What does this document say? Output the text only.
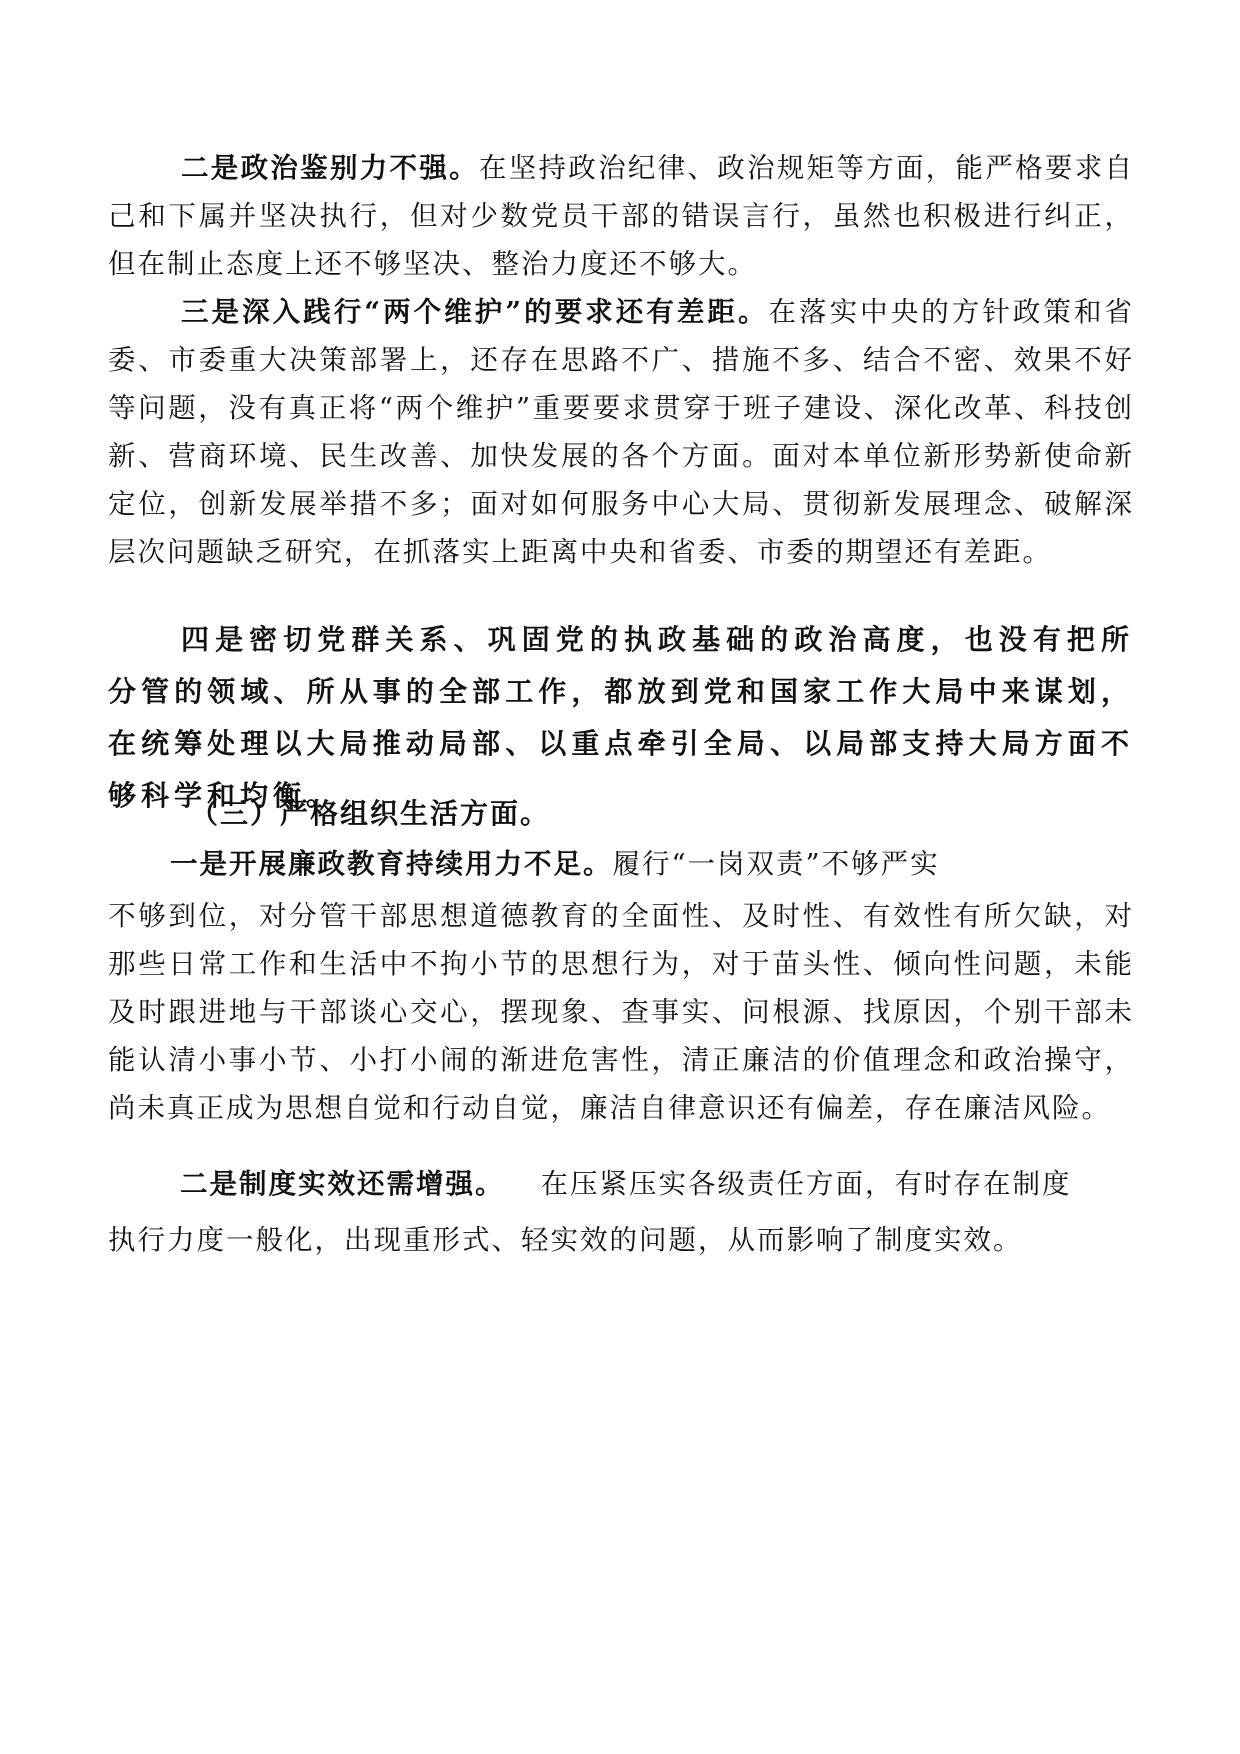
二是政治鉴别力不强。在坚持政治纪律、政治规矩等方面，能严格要求自己和下属并坚决执行，但对少数党员干部的错误言行，虽然也积极进行纠正，但在制止态度上还不够坚决、整治力度还不够大。

三是深入践行“两个维护”的要求还有差距。在落实中央的方针政策和省委、市委重大决策部署上，还存在思路不广、措施不多、结合不密、效果不好等问题，没有真正将“两个维护”重要要求贯穿于班子建设、深化改革、科技创新、营商环境、民生改善、加快发展的各个方面。面对本单位新形势新使命新定位，创新发展举措不多；面对如何服务中心大局、贯彻新发展理念、破解深层次问题缺乏研究，在抓落实上距离中央和省委、市委的期望还有差距。

四是密切党群关系、巩固党的执政基础的政治高度，也没有把所分管的领域、所从事的全部工作，都放到党和国家工作大局中来谋划，在统筹处理以大局推动局部、以重点牵引全局、以局部支持大局方面不够科学和均衡。

（三）严格组织生活方面。
一是开展廉政教育持续用力不足。履行“一岗双责”不够严实

不够到位，对分管干部思想道德教育的全面性、及时性、有效性有所欠缺，对那些日常工作和生活中不拘小节的思想行为，对于苗头性、倾向性问题，未能及时跟进地与干部谈心交心，摆现象、查事实、问根源、找原因，个别干部未能认清小事小节、小打小闹的渐进危害性，清正廉洁的价值理念和政治操守，尚未真正成为思想自觉和行动自觉，廉洁自律意识还有偏差，存在廉洁风险。

二是制度实效还需增强。 在压紧压实各级责任方面，有时存在制度
执行力度一般化，出现重形式、轻实效的问题，从而影响了制度实效。
